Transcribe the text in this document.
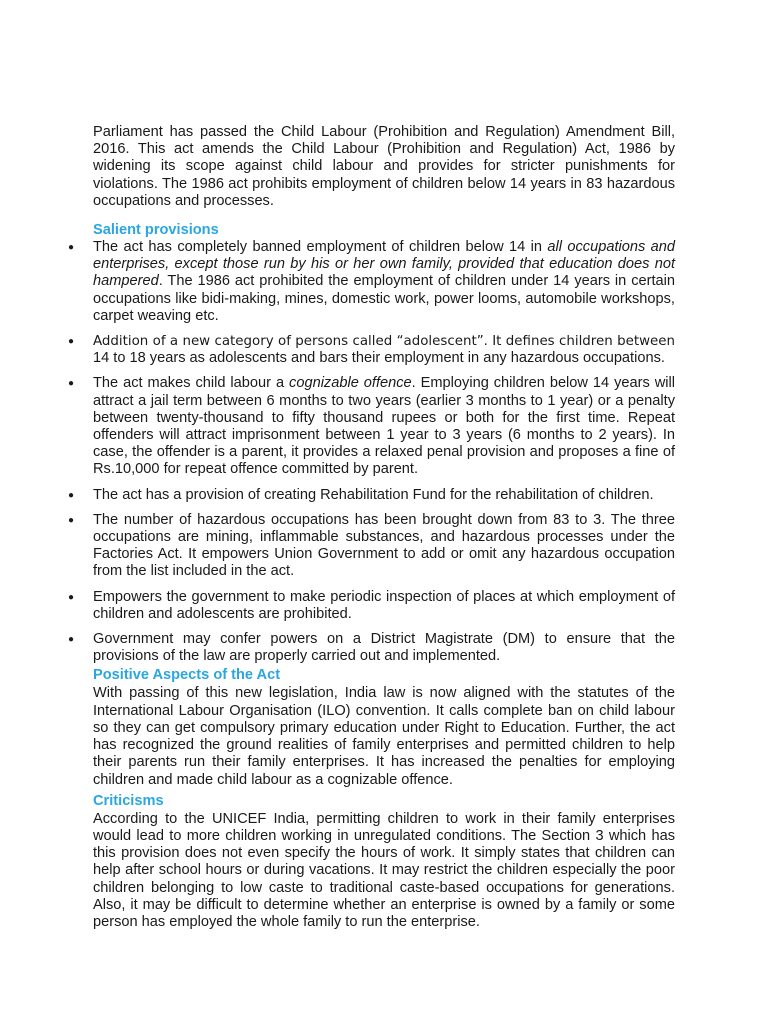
Parliament has passed the Child Labour (Prohibition and Regulation) Amendment Bill, 2016. This act amends the Child Labour (Prohibition and Regulation) Act, 1986 by widening its scope against child labour and provides for stricter punishments for violations. The 1986 act prohibits employment of children below 14 years in 83 hazardous occupations and processes.

Salient provisions
● The act has completely banned employment of children below 14 in all occupations and enterprises, except those run by his or her own family, provided that education does not hampered. The 1986 act prohibited the employment of children under 14 years in certain occupations like bidi-making, mines, domestic work, power looms, automobile workshops, carpet weaving etc.
● Addition of a new category of persons called “adolescent”. It defines children between 14 to 18 years as adolescents and bars their employment in any hazardous occupations.
● The act makes child labour a cognizable offence. Employing children below 14 years will attract a jail term between 6 months to two years (earlier 3 months to 1 year) or a penalty between twenty-thousand to fifty thousand rupees or both for the first time. Repeat offenders will attract imprisonment between 1 year to 3 years (6 months to 2 years). In case, the offender is a parent, it provides a relaxed penal provision and proposes a fine of Rs.10,000 for repeat offence committed by parent.
● The act has a provision of creating Rehabilitation Fund for the rehabilitation of children.
● The number of hazardous occupations has been brought down from 83 to 3. The three occupations are mining, inflammable substances, and hazardous processes under the Factories Act. It empowers Union Government to add or omit any hazardous occupation from the list included in the act.
● Empowers the government to make periodic inspection of places at which employment of children and adolescents are prohibited.
● Government may confer powers on a District Magistrate (DM) to ensure that the provisions of the law are properly carried out and implemented.
Positive Aspects of the Act

With passing of this new legislation, India law is now aligned with the statutes of the International Labour Organisation (ILO) convention. It calls complete ban on child labour so they can get compulsory primary education under Right to Education. Further, the act has recognized the ground realities of family enterprises and permitted children to help their parents run their family enterprises. It has increased the penalties for employing children and made child labour as a cognizable offence.

Criticisms

According to the UNICEF India, permitting children to work in their family enterprises would lead to more children working in unregulated conditions. The Section 3 which has this provision does not even specify the hours of work. It simply states that children can help after school hours or during vacations. It may restrict the children especially the poor children belonging to low caste to traditional caste-based occupations for generations. Also, it may be difficult to determine whether an enterprise is owned by a family or some person has employed the whole family to run the enterprise.
